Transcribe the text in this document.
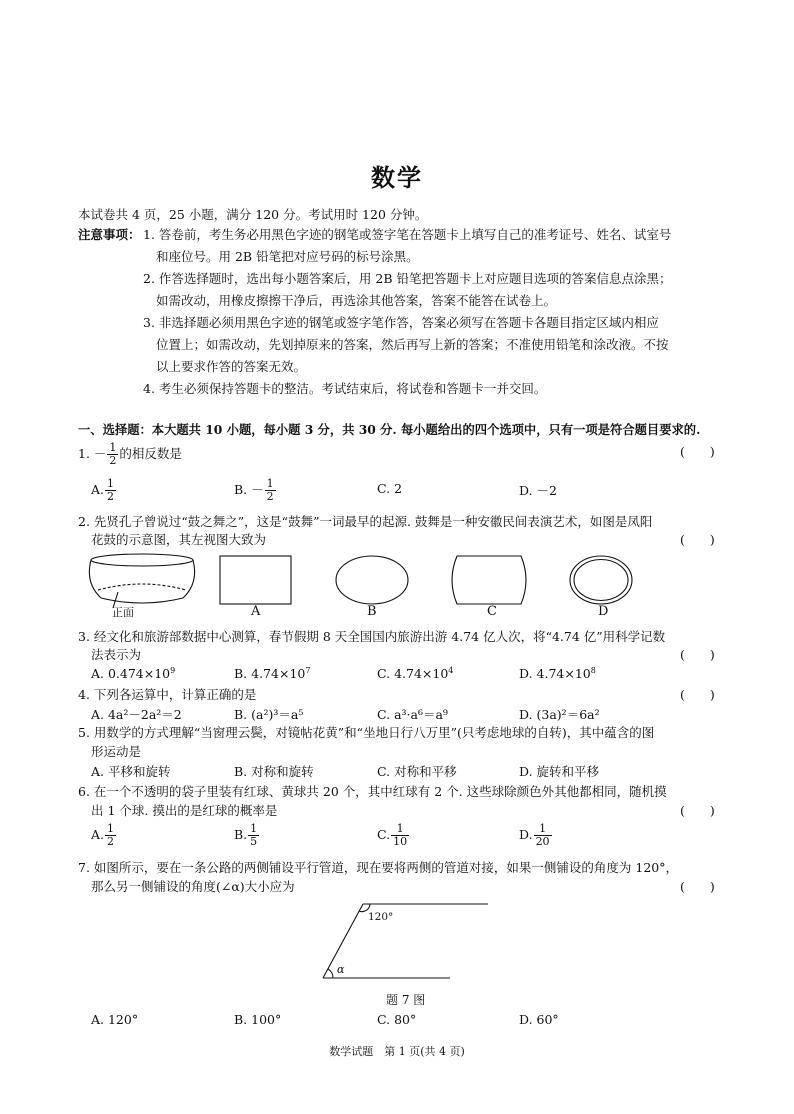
数学
本试卷共 4 页，25 小题，满分 120 分。考试用时 120 分钟。
注意事项： 1. 答卷前，考生务必用黑色字迹的钢笔或签字笔在答题卡上填写自己的准考证号、姓名、试室号
和座位号。用 2B 铅笔把对应号码的标号涂黑。
2. 作答选择题时，选出每小题答案后，用 2B 铅笔把答题卡上对应题目选项的答案信息点涂黑；
如需改动，用橡皮擦擦干净后，再选涂其他答案，答案不能答在试卷上。
3. 非选择题必须用黑色字迹的钢笔或签字笔作答，答案必须写在答题卡各题目指定区域内相应
位置上；如需改动，先划掉原来的答案，然后再写上新的答案；不准使用铅笔和涂改液。不按
以上要求作答的答案无效。
4. 考生必须保持答题卡的整洁。考试结束后，将试卷和答题卡一并交回。
一、选择题：本大题共 10 小题，每小题 3 分，共 30 分. 每小题给出的四个选项中，只有一项是符合题目要求的.
1. － $\frac{1}{2}$ 的相反数是	(　　)
A. $\frac{1}{2}$	B. － $\frac{1}{2}$	C. 2	D. －2
2. 先贤孔子曾说过“鼓之舞之”，这是“鼓舞”一词最早的起源. 鼓舞是一种安徽民间表演艺术，如图是凤阳
花鼓的示意图，其左视图大致为	(　　)
正面	A	B	C	D
3. 经文化和旅游部数据中心测算，春节假期 8 天全国国内旅游出游 4.74 亿人次，将“4.74 亿”用科学记数
法表示为	(　　)
A. $0.474\times 10^9$	B. $4.74\times 10^7$	C. $4.74\times 10^4$	D. $4.74\times 10^8$
4. 下列各运算中，计算正确的是	(　　)
A. 4a²－2a²＝2	B. (a²)³＝a⁵	C. a³·a⁶＝a⁹	D. (3a)²＝6a²
5. 用数学的方式理解“当窗理云鬓，对镜帖花黄”和“坐地日行八万里”(只考虑地球的自转)，其中蕴含的图
形运动是
A. 平移和旋转	B. 对称和旋转	C. 对称和平移	D. 旋转和平移
6. 在一个不透明的袋子里装有红球、黄球共 20 个，其中红球有 2 个. 这些球除颜色外其他都相同，随机摸
出 1 个球. 摸出的是红球的概率是	(　　)
A. $\frac{1}{2}$	B. $\frac{1}{5}$	C. $\frac{1}{10}$	D. $\frac{1}{20}$
7. 如图所示，要在一条公路的两侧铺设平行管道，现在要将两侧的管道对接，如果一侧铺设的角度为 120°，
那么另一侧铺设的角度(∠α)大小应为	(　　)
120°
α
题 7 图
A. 120°	B. 100°	C. 80°	D. 60°
数学试题　第 1 页(共 4 页)
